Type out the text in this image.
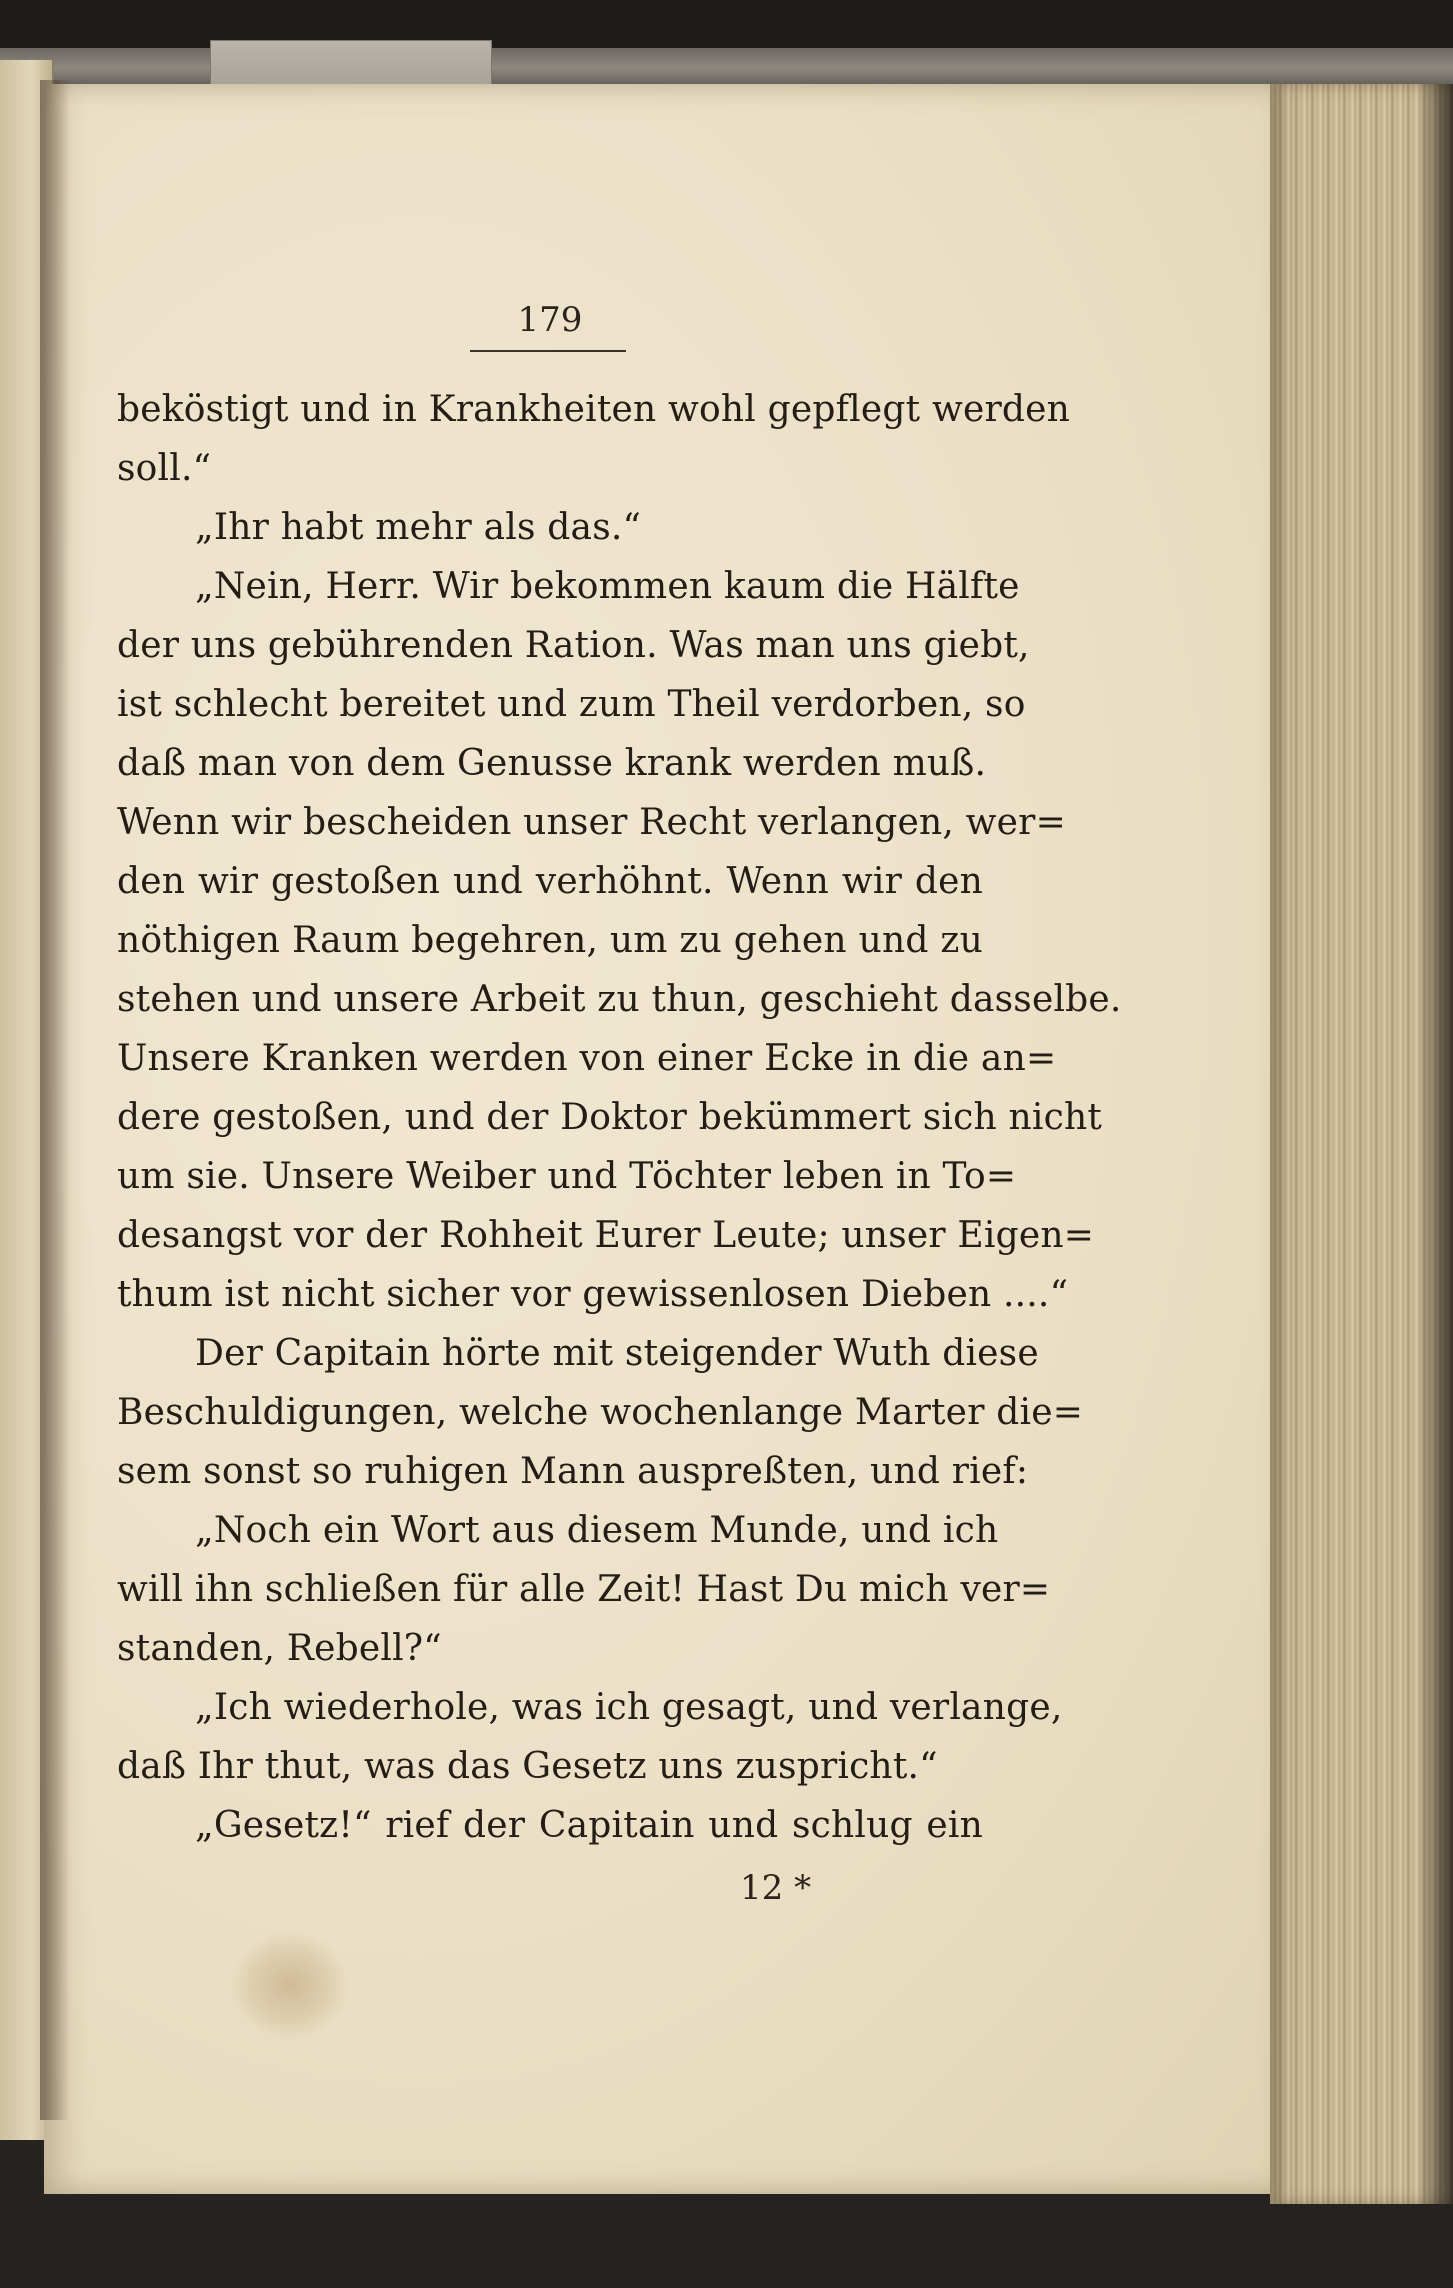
179
beköstigt und in Krankheiten wohl gepflegt werden
soll.“
„Ihr habt mehr als das.“
„Nein, Herr. Wir bekommen kaum die Hälfte
der uns gebührenden Ration. Was man uns giebt,
ist schlecht bereitet und zum Theil verdorben, so
daß man von dem Genusse krank werden muß.
Wenn wir bescheiden unser Recht verlangen, wer=
den wir gestoßen und verhöhnt. Wenn wir den
nöthigen Raum begehren, um zu gehen und zu
stehen und unsere Arbeit zu thun, geschieht dasselbe.
Unsere Kranken werden von einer Ecke in die an=
dere gestoßen, und der Doktor bekümmert sich nicht
um sie. Unsere Weiber und Töchter leben in To=
desangst vor der Rohheit Eurer Leute; unser Eigen=
thum ist nicht sicher vor gewissenlosen Dieben ....“
Der Capitain hörte mit steigender Wuth diese
Beschuldigungen, welche wochenlange Marter die=
sem sonst so ruhigen Mann auspreßten, und rief:
„Noch ein Wort aus diesem Munde, und ich
will ihn schließen für alle Zeit! Hast Du mich ver=
standen, Rebell?“
„Ich wiederhole, was ich gesagt, und verlange,
daß Ihr thut, was das Gesetz uns zuspricht.“
„Gesetz!“ rief der Capitain und schlug ein
12 *
